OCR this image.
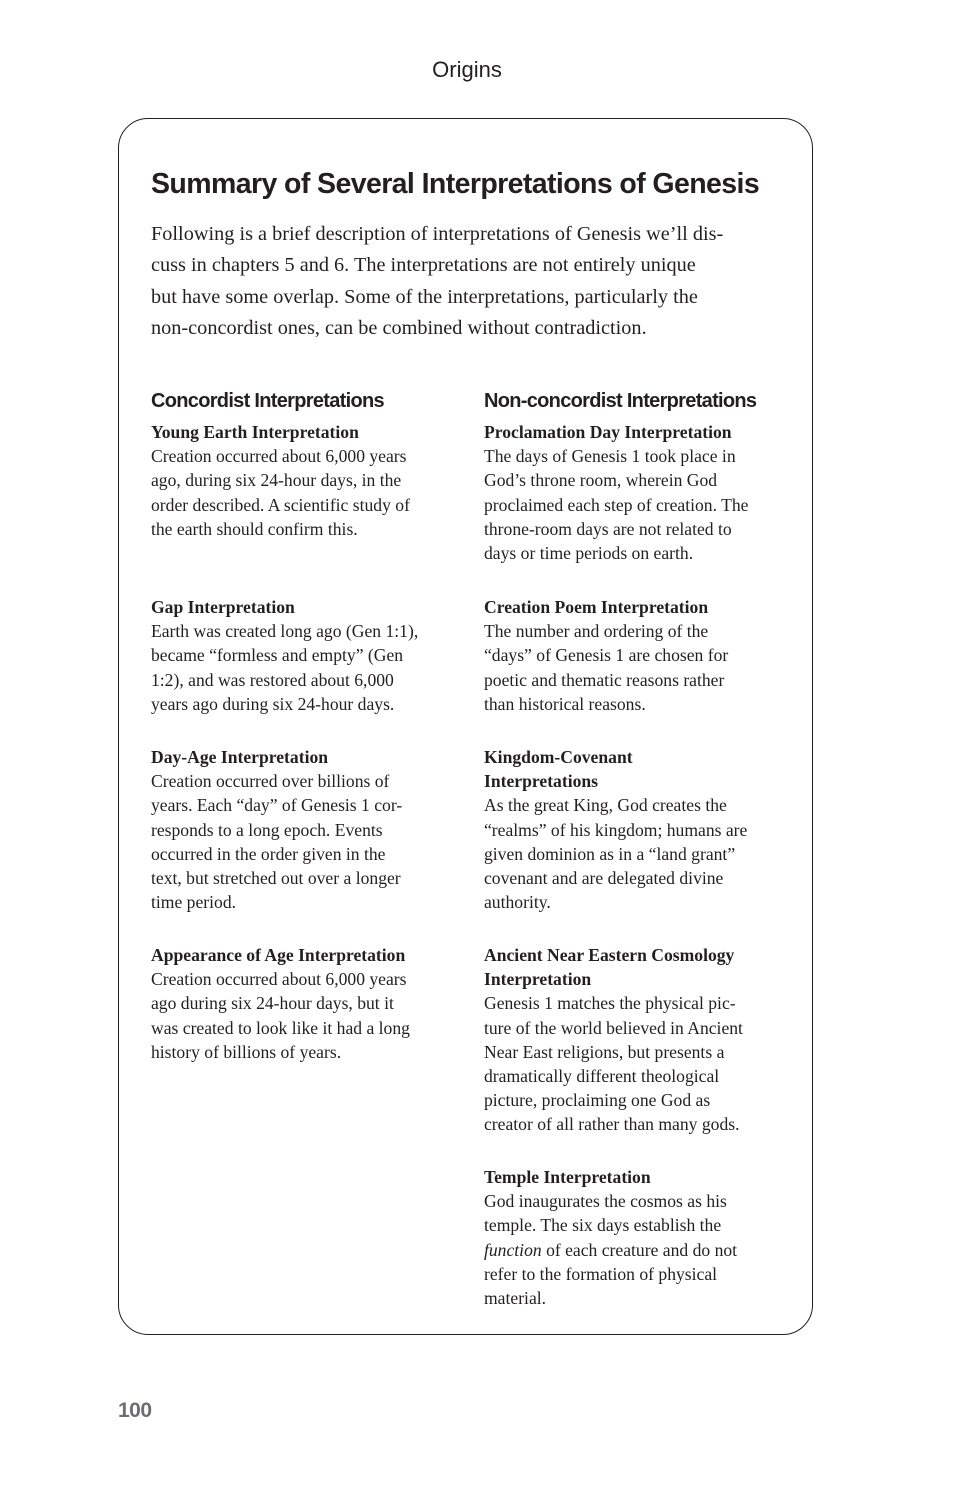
Origins
Summary of Several Interpretations of Genesis

Following is a brief description of interpretations of Genesis we’ll dis-
cuss in chapters 5 and 6. The interpretations are not entirely unique
but have some overlap. Some of the interpretations, particularly the
non-concordist ones, can be combined without contradiction.

Concordist Interpretations

Young Earth Interpretation

Creation occurred about 6,000 years
ago, during six 24-hour days, in the
order described. A scientific study of
the earth should confirm this.

Gap Interpretation

Earth was created long ago (Gen 1:1),
became “formless and empty” (Gen
1:2), and was restored about 6,000
years ago during six 24-hour days.

Day-Age Interpretation

Creation occurred over billions of
years. Each “day” of Genesis 1 cor-
responds to a long epoch. Events
occurred in the order given in the
text, but stretched out over a longer
time period.

Appearance of Age Interpretation

Creation occurred about 6,000 years
ago during six 24-hour days, but it
was created to look like it had a long
history of billions of years.

Non-concordist Interpretations

Proclamation Day Interpretation

The days of Genesis 1 took place in
God’s throne room, wherein God
proclaimed each step of creation. The
throne-room days are not related to
days or time periods on earth.

Creation Poem Interpretation

The number and ordering of the
“days” of Genesis 1 are chosen for
poetic and thematic reasons rather
than historical reasons.

Kingdom-Covenant
Interpretations

As the great King, God creates the
“realms” of his kingdom; humans are
given dominion as in a “land grant”
covenant and are delegated divine
authority.

Ancient Near Eastern Cosmology
Interpretation

Genesis 1 matches the physical pic-
ture of the world believed in Ancient
Near East religions, but presents a
dramatically different theological
picture, proclaiming one God as
creator of all rather than many gods.

Temple Interpretation

God inaugurates the cosmos as his
temple. The six days establish the
function of each creature and do not
refer to the formation of physical
material.

100
